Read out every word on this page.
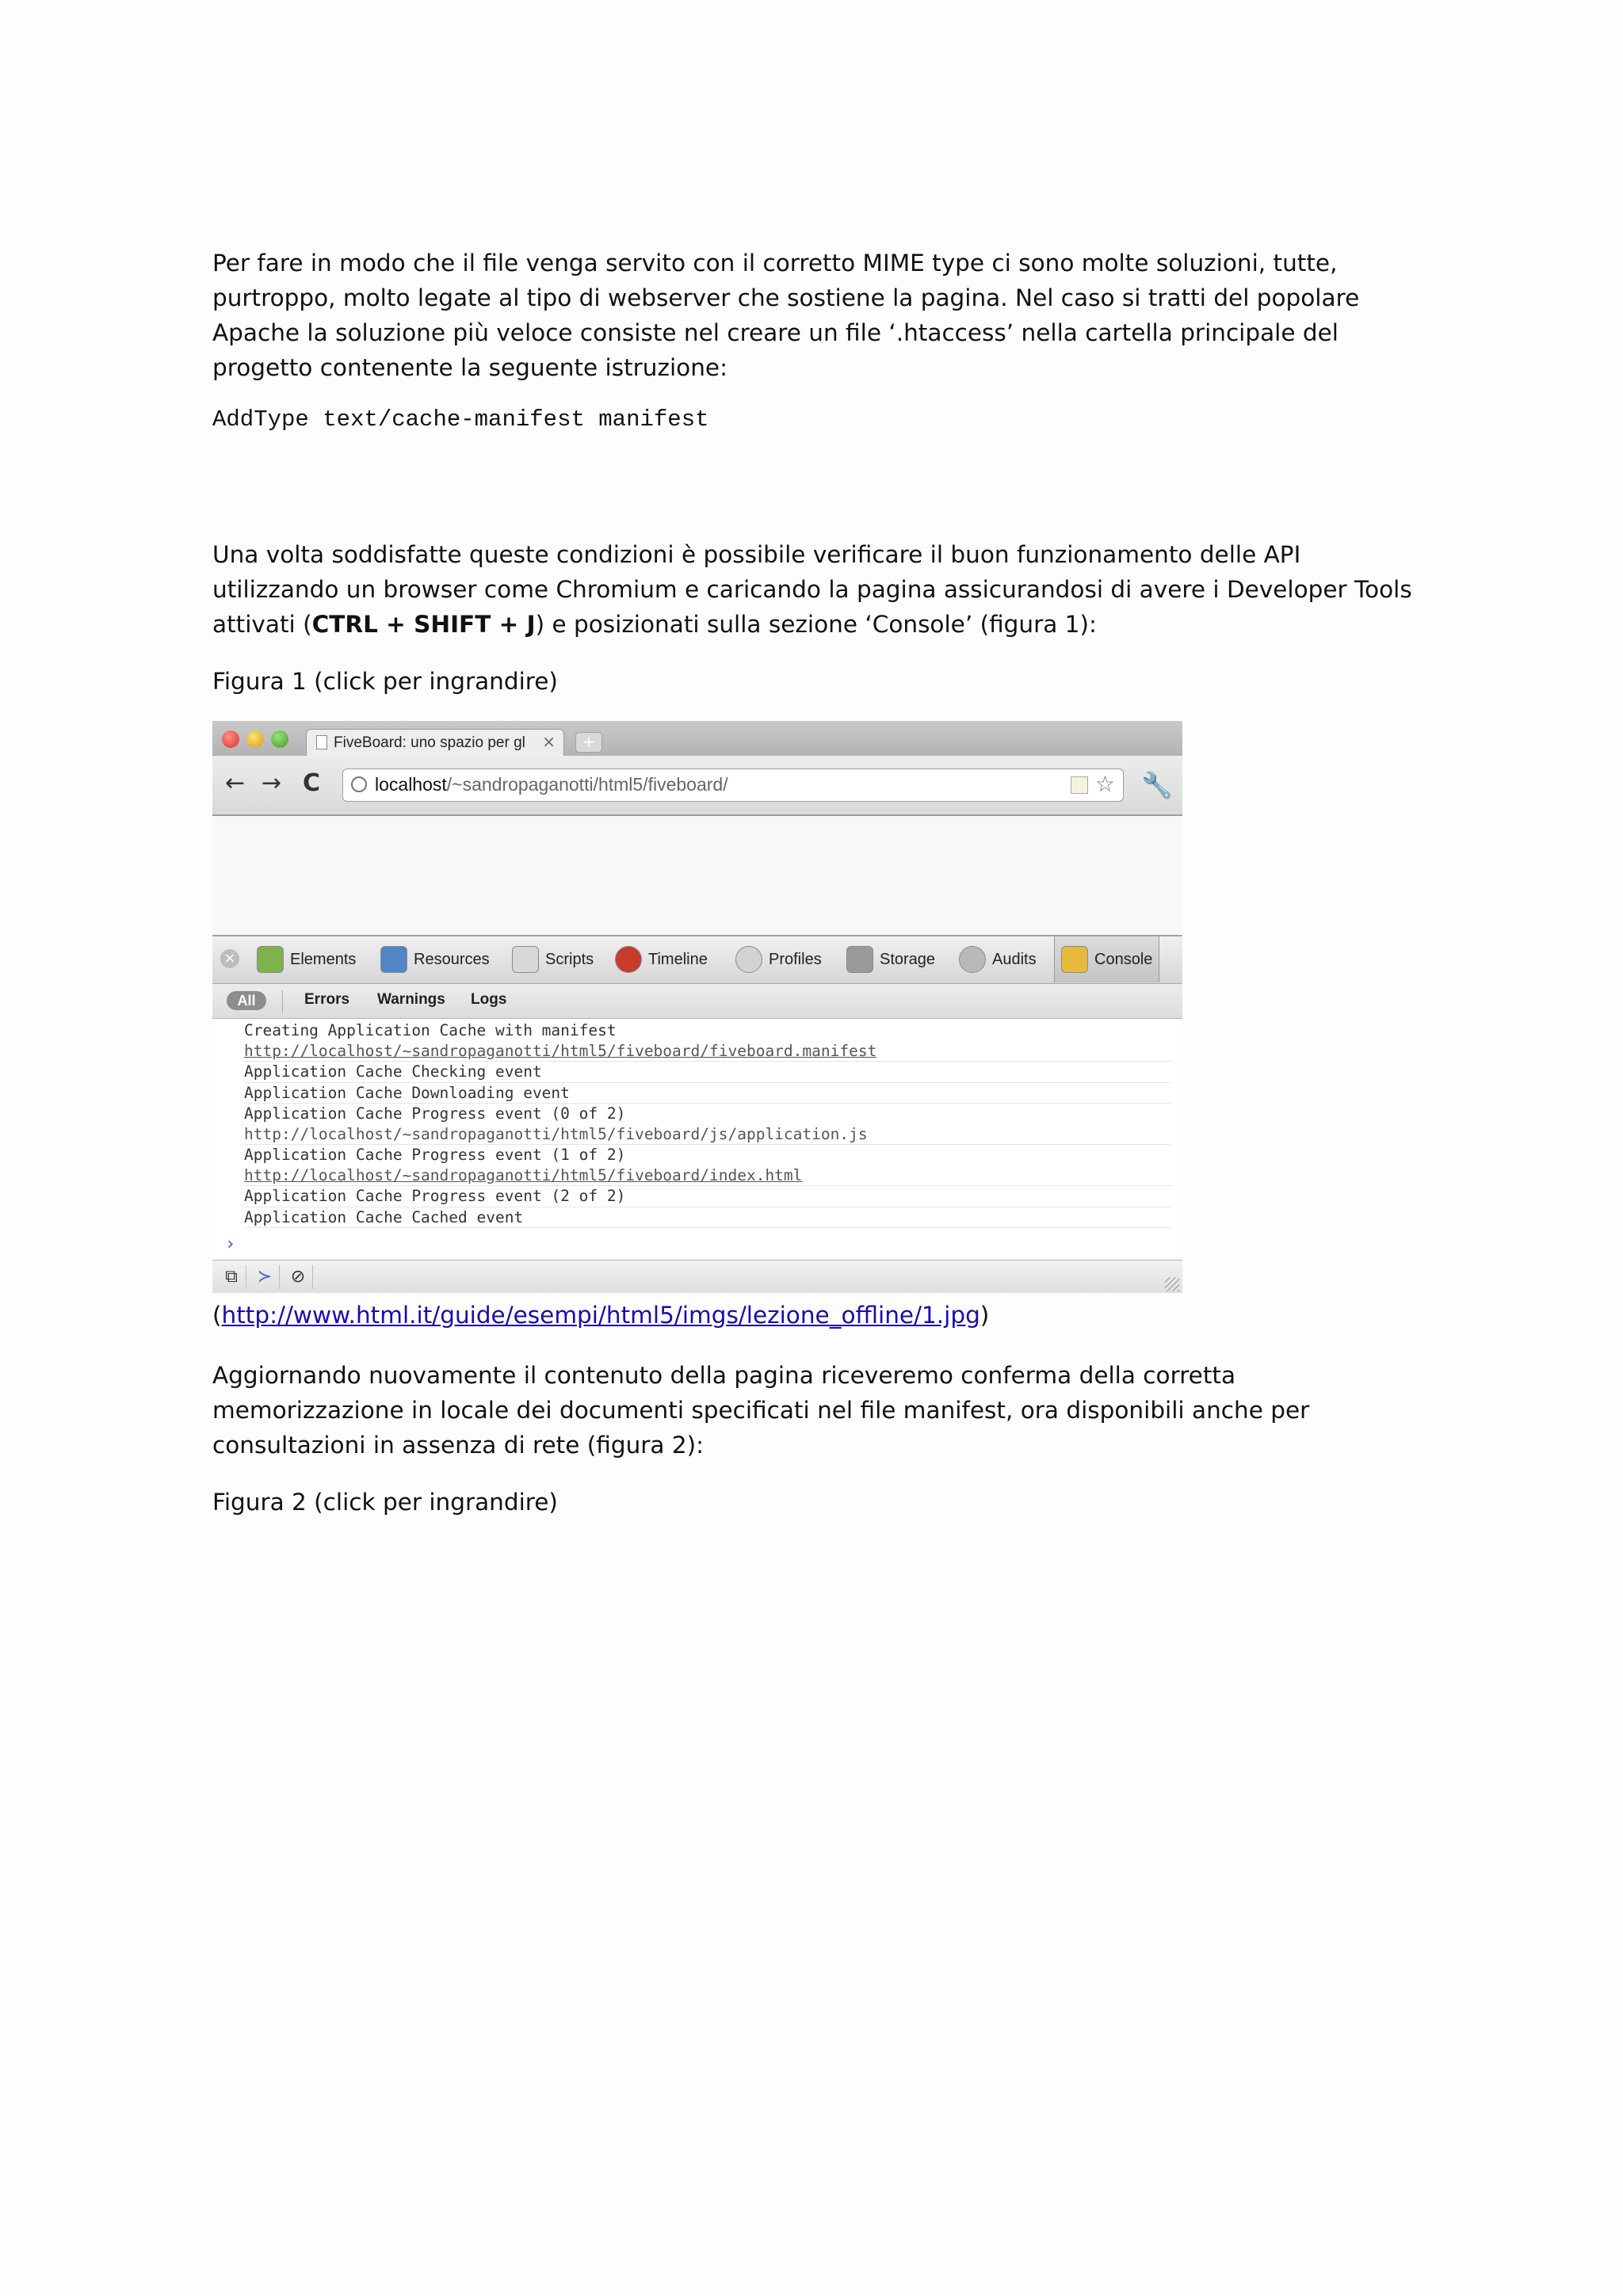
Per fare in modo che il file venga servito con il corretto MIME type ci sono molte soluzioni, tutte, purtroppo, molto legate al tipo di webserver che sostiene la pagina. Nel caso si tratti del popolare Apache la soluzione più veloce consiste nel creare un file ‘.htaccess’ nella cartella principale del progetto contenente la seguente istruzione:

AddType text/cache-manifest manifest

Una volta soddisfatte queste condizioni è possibile verificare il buon funzionamento delle API utilizzando un browser come Chromium e caricando la pagina assicurandosi di avere i Developer Tools attivati (CTRL + SHIFT + J) e posizionati sulla sezione ‘Console’ (figura 1):

Figura 1 (click per ingrandire)

FiveBoard: uno spazio per gl	×	+
← → C	localhost/~sandropaganotti/html5/fiveboard/	☆ 🔧
×	Elements	Resources	Scripts	Timeline	Profiles	Storage	Audits	Console
All	Errors Warnings Logs
Creating Application Cache with manifest
http://localhost/~sandropaganotti/html5/fiveboard/fiveboard.manifest
Application Cache Checking event
Application Cache Downloading event
Application Cache Progress event (0 of 2)
http://localhost/~sandropaganotti/html5/fiveboard/js/application.js
Application Cache Progress event (1 of 2)
http://localhost/~sandropaganotti/html5/fiveboard/index.html
Application Cache Progress event (2 of 2)
Application Cache Cached event
›
⧉	≻	⊘
(http://www.html.it/guide/esempi/html5/imgs/lezione_offline/1.jpg)

Aggiornando nuovamente il contenuto della pagina riceveremo conferma della corretta memorizzazione in locale dei documenti specificati nel file manifest, ora disponibili anche per consultazioni in assenza di rete (figura 2):

Figura 2 (click per ingrandire)
